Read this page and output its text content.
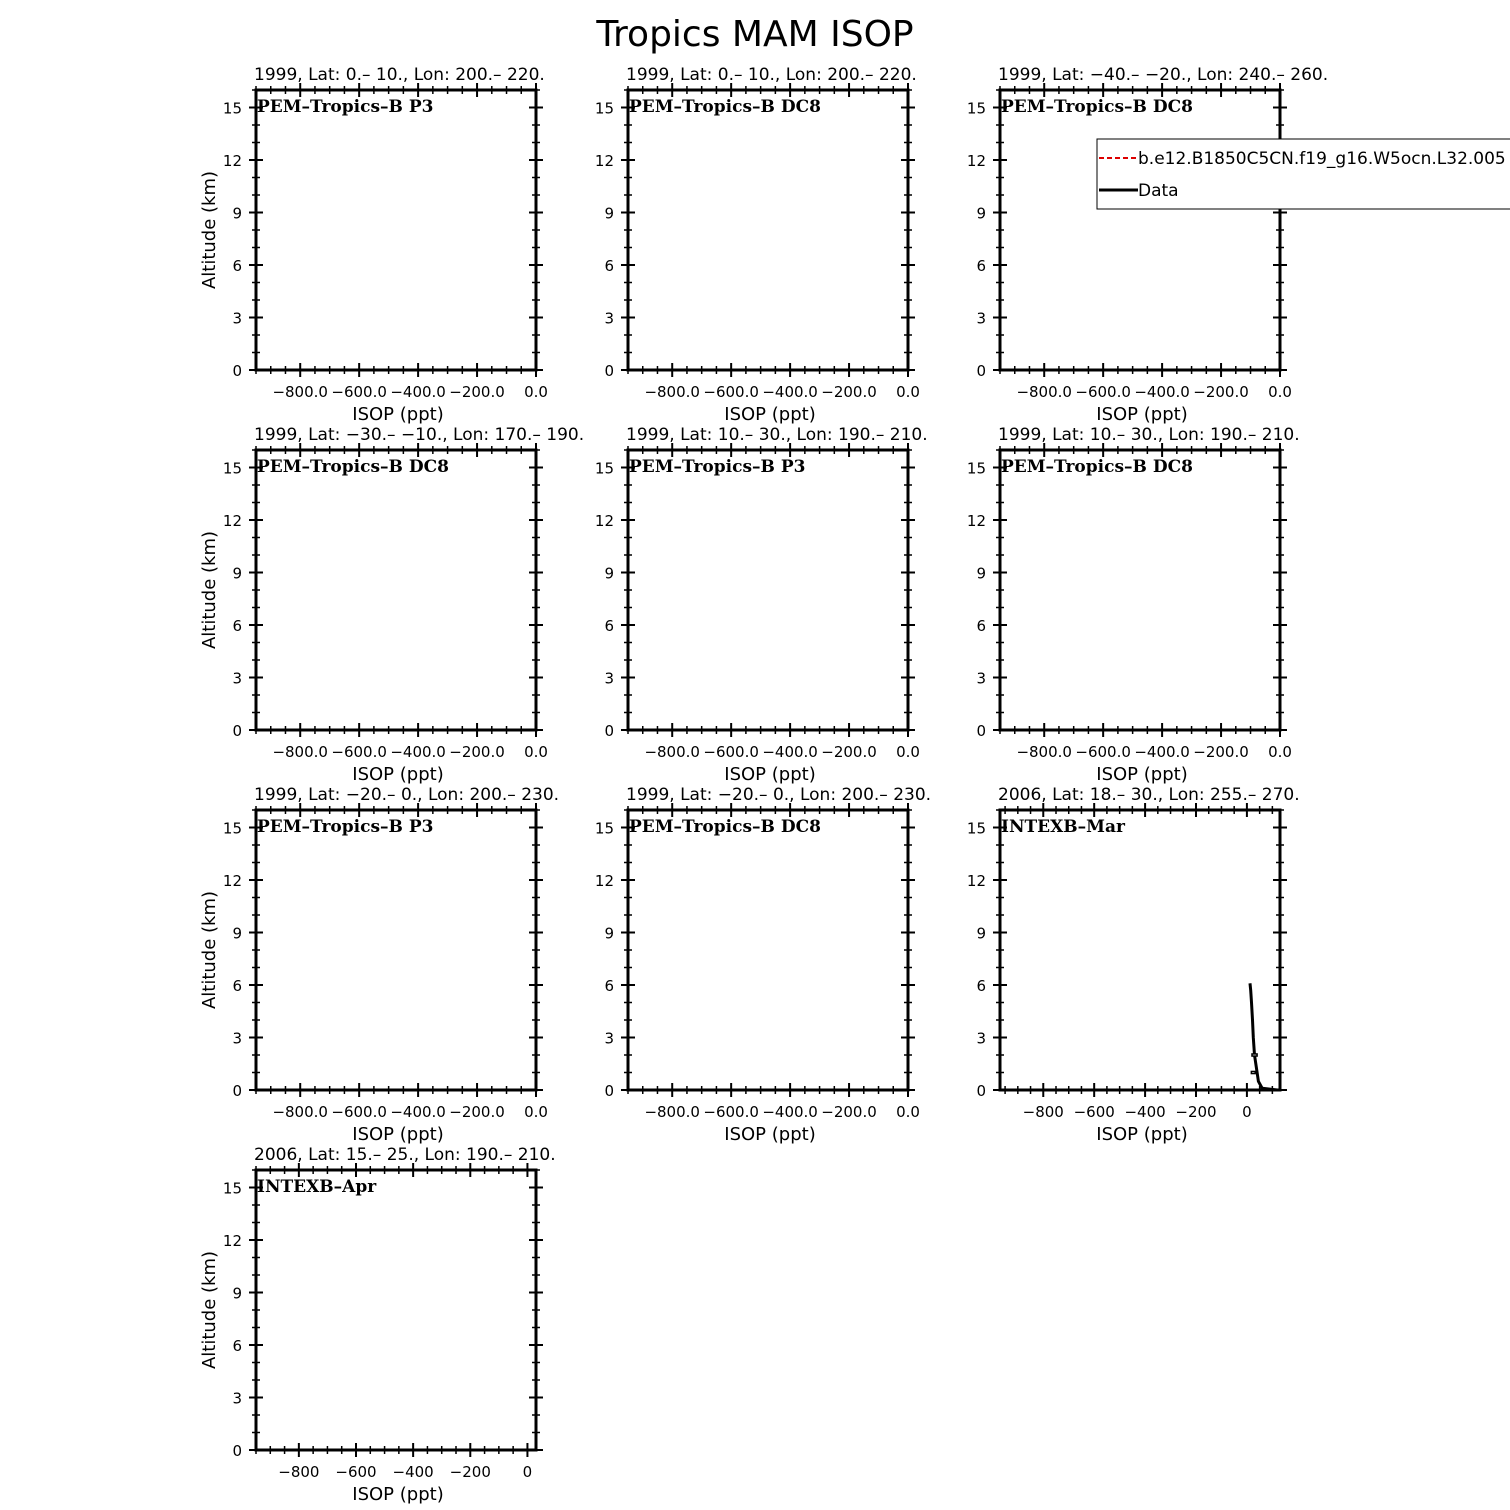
Tropics MAM ISOP
1999, Lat: 0.– 10., Lon: 200.– 220.
PEM–Tropics–B P3
0
3
6
9
12
15
−800.0 −600.0 −400.0 −200.0 0.0
ISOP (ppt)
Altitude (km)
1999, Lat: 0.– 10., Lon: 200.– 220.
PEM–Tropics–B DC8
0
3
6
9
12
15
−800.0 −600.0 −400.0 −200.0 0.0
ISOP (ppt)
1999, Lat: −40.– −20., Lon: 240.– 260.
PEM–Tropics–B DC8
0
3
6
9
12
15
−800.0 −600.0 −400.0 −200.0 0.0
ISOP (ppt)
1999, Lat: −30.– −10., Lon: 170.– 190.
PEM–Tropics–B DC8
0
3
6
9
12
15
−800.0 −600.0 −400.0 −200.0 0.0
ISOP (ppt)
Altitude (km)
1999, Lat: 10.– 30., Lon: 190.– 210.
PEM–Tropics–B P3
0
3
6
9
12
15
−800.0 −600.0 −400.0 −200.0 0.0
ISOP (ppt)
1999, Lat: 10.– 30., Lon: 190.– 210.
PEM–Tropics–B DC8
0
3
6
9
12
15
−800.0 −600.0 −400.0 −200.0 0.0
ISOP (ppt)
1999, Lat: −20.– 0., Lon: 200.– 230.
PEM–Tropics–B P3
0
3
6
9
12
15
−800.0 −600.0 −400.0 −200.0 0.0
ISOP (ppt)
Altitude (km)
1999, Lat: −20.– 0., Lon: 200.– 230.
PEM–Tropics–B DC8
0
3
6
9
12
15
−800.0 −600.0 −400.0 −200.0 0.0
ISOP (ppt)
2006, Lat: 18.– 30., Lon: 255.– 270.
INTEXB–Mar
0
3
6
9
12
15
−800 −600 −400 −200 0
ISOP (ppt)
2006, Lat: 15.– 25., Lon: 190.– 210.
INTEXB–Apr
0
3
6
9
12
15
−800 −600 −400 −200 0
ISOP (ppt)
Altitude (km)
b.e12.B1850C5CN.f19_g16.W5ocn.L32.005
Data
